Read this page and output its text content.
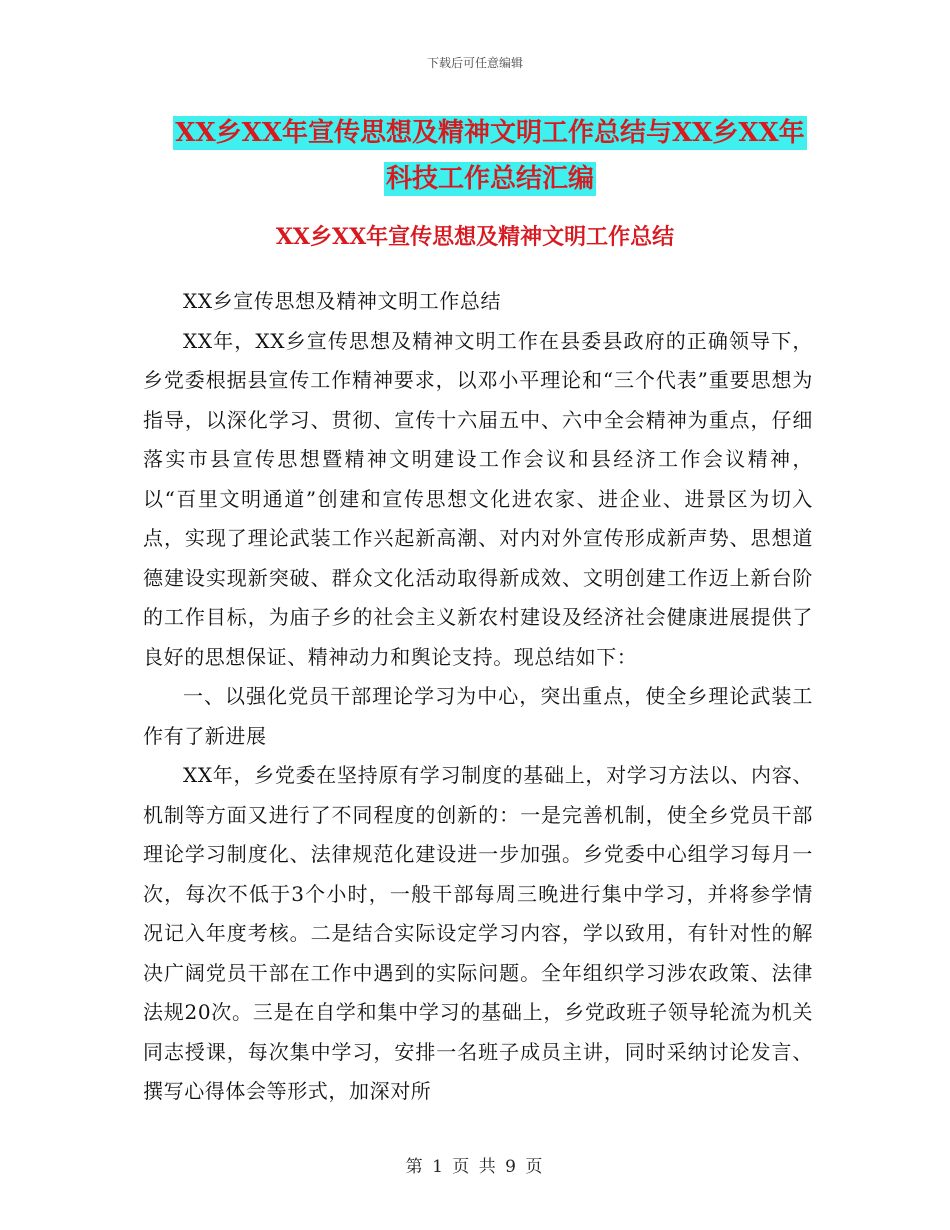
下载后可任意编辑
XX乡XX年宣传思想及精神文明工作总结与XX乡XX年
科技工作总结汇编
XX乡XX年宣传思想及精神文明工作总结

XX乡宣传思想及精神文明工作总结

XX年，XX乡宣传思想及精神文明工作在县委县政府的正确领导下，乡党委根据县宣传工作精神要求，以邓小平理论和“三个代表”重要思想为指导，以深化学习、贯彻、宣传十六届五中、六中全会精神为重点，仔细落实市县宣传思想暨精神文明建设工作会议和县经济工作会议精神，以“百里文明通道”创建和宣传思想文化进农家、进企业、进景区为切入点，实现了理论武装工作兴起新高潮、对内对外宣传形成新声势、思想道德建设实现新突破、群众文化活动取得新成效、文明创建工作迈上新台阶的工作目标，为庙子乡的社会主义新农村建设及经济社会健康进展提供了良好的思想保证、精神动力和舆论支持。现总结如下：

一、以强化党员干部理论学习为中心，突出重点，使全乡理论武装工作有了新进展

XX年，乡党委在坚持原有学习制度的基础上，对学习方法以、内容、机制等方面又进行了不同程度的创新的：一是完善机制，使全乡党员干部理论学习制度化、法律规范化建设进一步加强。乡党委中心组学习每月一次，每次不低于3个小时，一般干部每周三晚进行集中学习，并将参学情况记入年度考核。二是结合实际设定学习内容，学以致用，有针对性的解决广阔党员干部在工作中遇到的实际问题。全年组织学习涉农政策、法律法规20次。三是在自学和集中学习的基础上，乡党政班子领导轮流为机关同志授课，每次集中学习，安排一名班子成员主讲，同时采纳讨论发言、撰写心得体会等形式，加深对所

第 1 页 共 9 页
